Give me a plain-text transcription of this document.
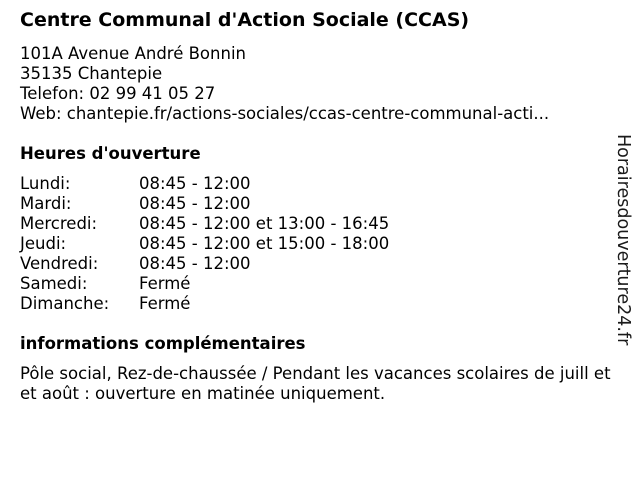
Centre Communal d'Action Sociale (CCAS)
101A Avenue André Bonnin
35135 Chantepie
Telefon: 02 99 41 05 27
Web: chantepie.fr/actions-sociales/ccas-centre-communal-acti...
Heures d'ouverture
Lundi:	08:45 - 12:00
Mardi:	08:45 - 12:00
Mercredi:	08:45 - 12:00 et 13:00 - 16:45
Jeudi:	08:45 - 12:00 et 15:00 - 18:00
Vendredi: 08:45 - 12:00
Samedi:	Fermé
Dimanche: Fermé
informations complémentaires
Pôle social, Rez-de-chaussée / Pendant les vacances scolaires de juill et et août : ouverture en matinée uniquement.
Horairesdouverture24.fr
